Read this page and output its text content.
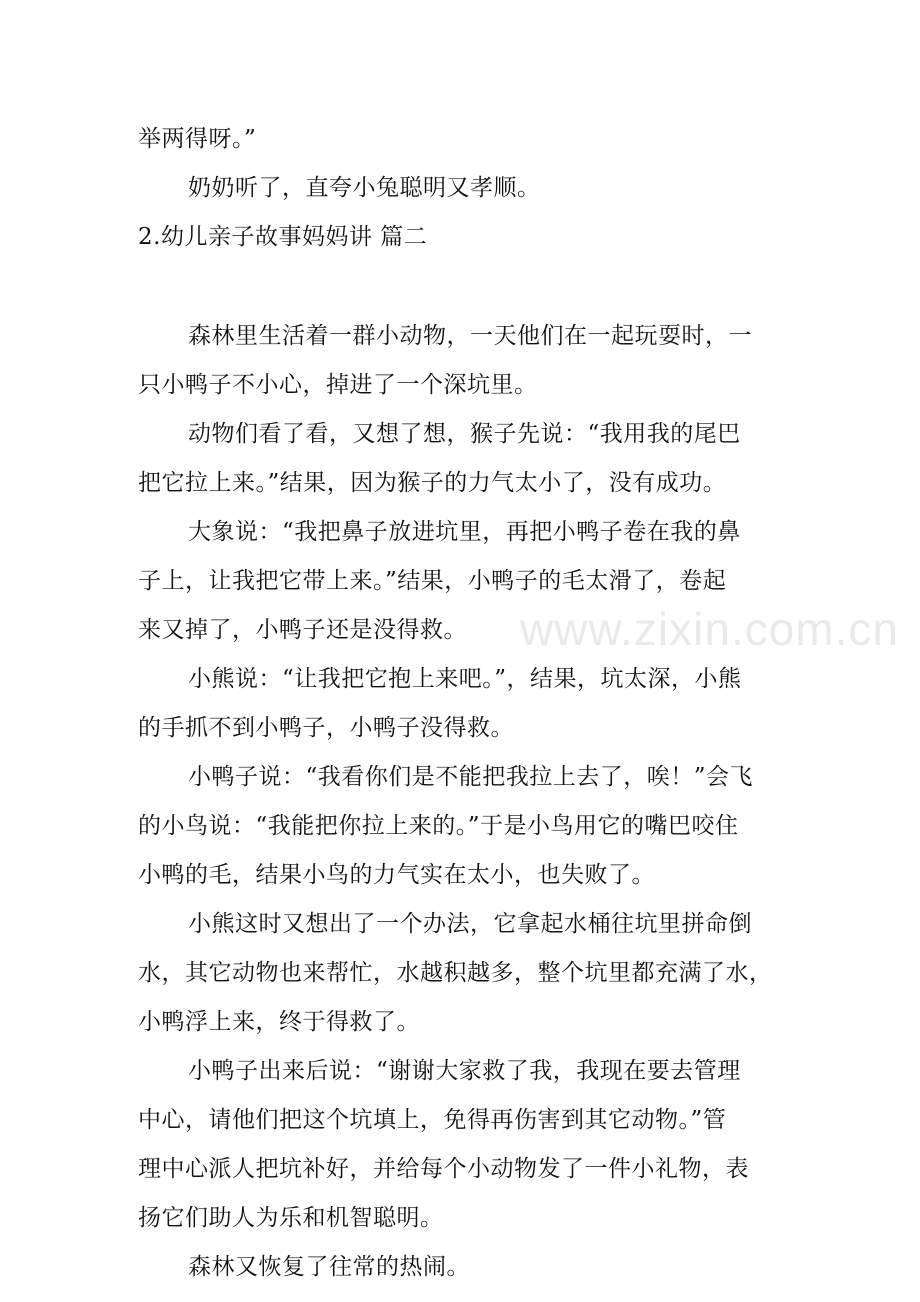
举两得呀。”
奶奶听了，直夸小兔聪明又孝顺。
2.幼儿亲子故事妈妈讲 篇二
森林里生活着一群小动物，一天他们在一起玩耍时，一
只小鸭子不小心，掉进了一个深坑里。
动物们看了看，又想了想，猴子先说：“我用我的尾巴
把它拉上来。”结果，因为猴子的力气太小了，没有成功。
大象说：“我把鼻子放进坑里，再把小鸭子卷在我的鼻
子上，让我把它带上来。”结果，小鸭子的毛太滑了，卷起
来又掉了，小鸭子还是没得救。
小熊说：“让我把它抱上来吧。”，结果，坑太深，小熊
的手抓不到小鸭子，小鸭子没得救。
小鸭子说：“我看你们是不能把我拉上去了，唉！”会飞
的小鸟说：“我能把你拉上来的。”于是小鸟用它的嘴巴咬住
小鸭的毛，结果小鸟的力气实在太小，也失败了。
小熊这时又想出了一个办法，它拿起水桶往坑里拼命倒
水，其它动物也来帮忙，水越积越多，整个坑里都充满了水，
小鸭浮上来，终于得救了。
小鸭子出来后说：“谢谢大家救了我，我现在要去管理
中心，请他们把这个坑填上，免得再伤害到其它动物。”管
理中心派人把坑补好，并给每个小动物发了一件小礼物，表
扬它们助人为乐和机智聪明。
森林又恢复了往常的热闹。
www.zixin.com.cn
